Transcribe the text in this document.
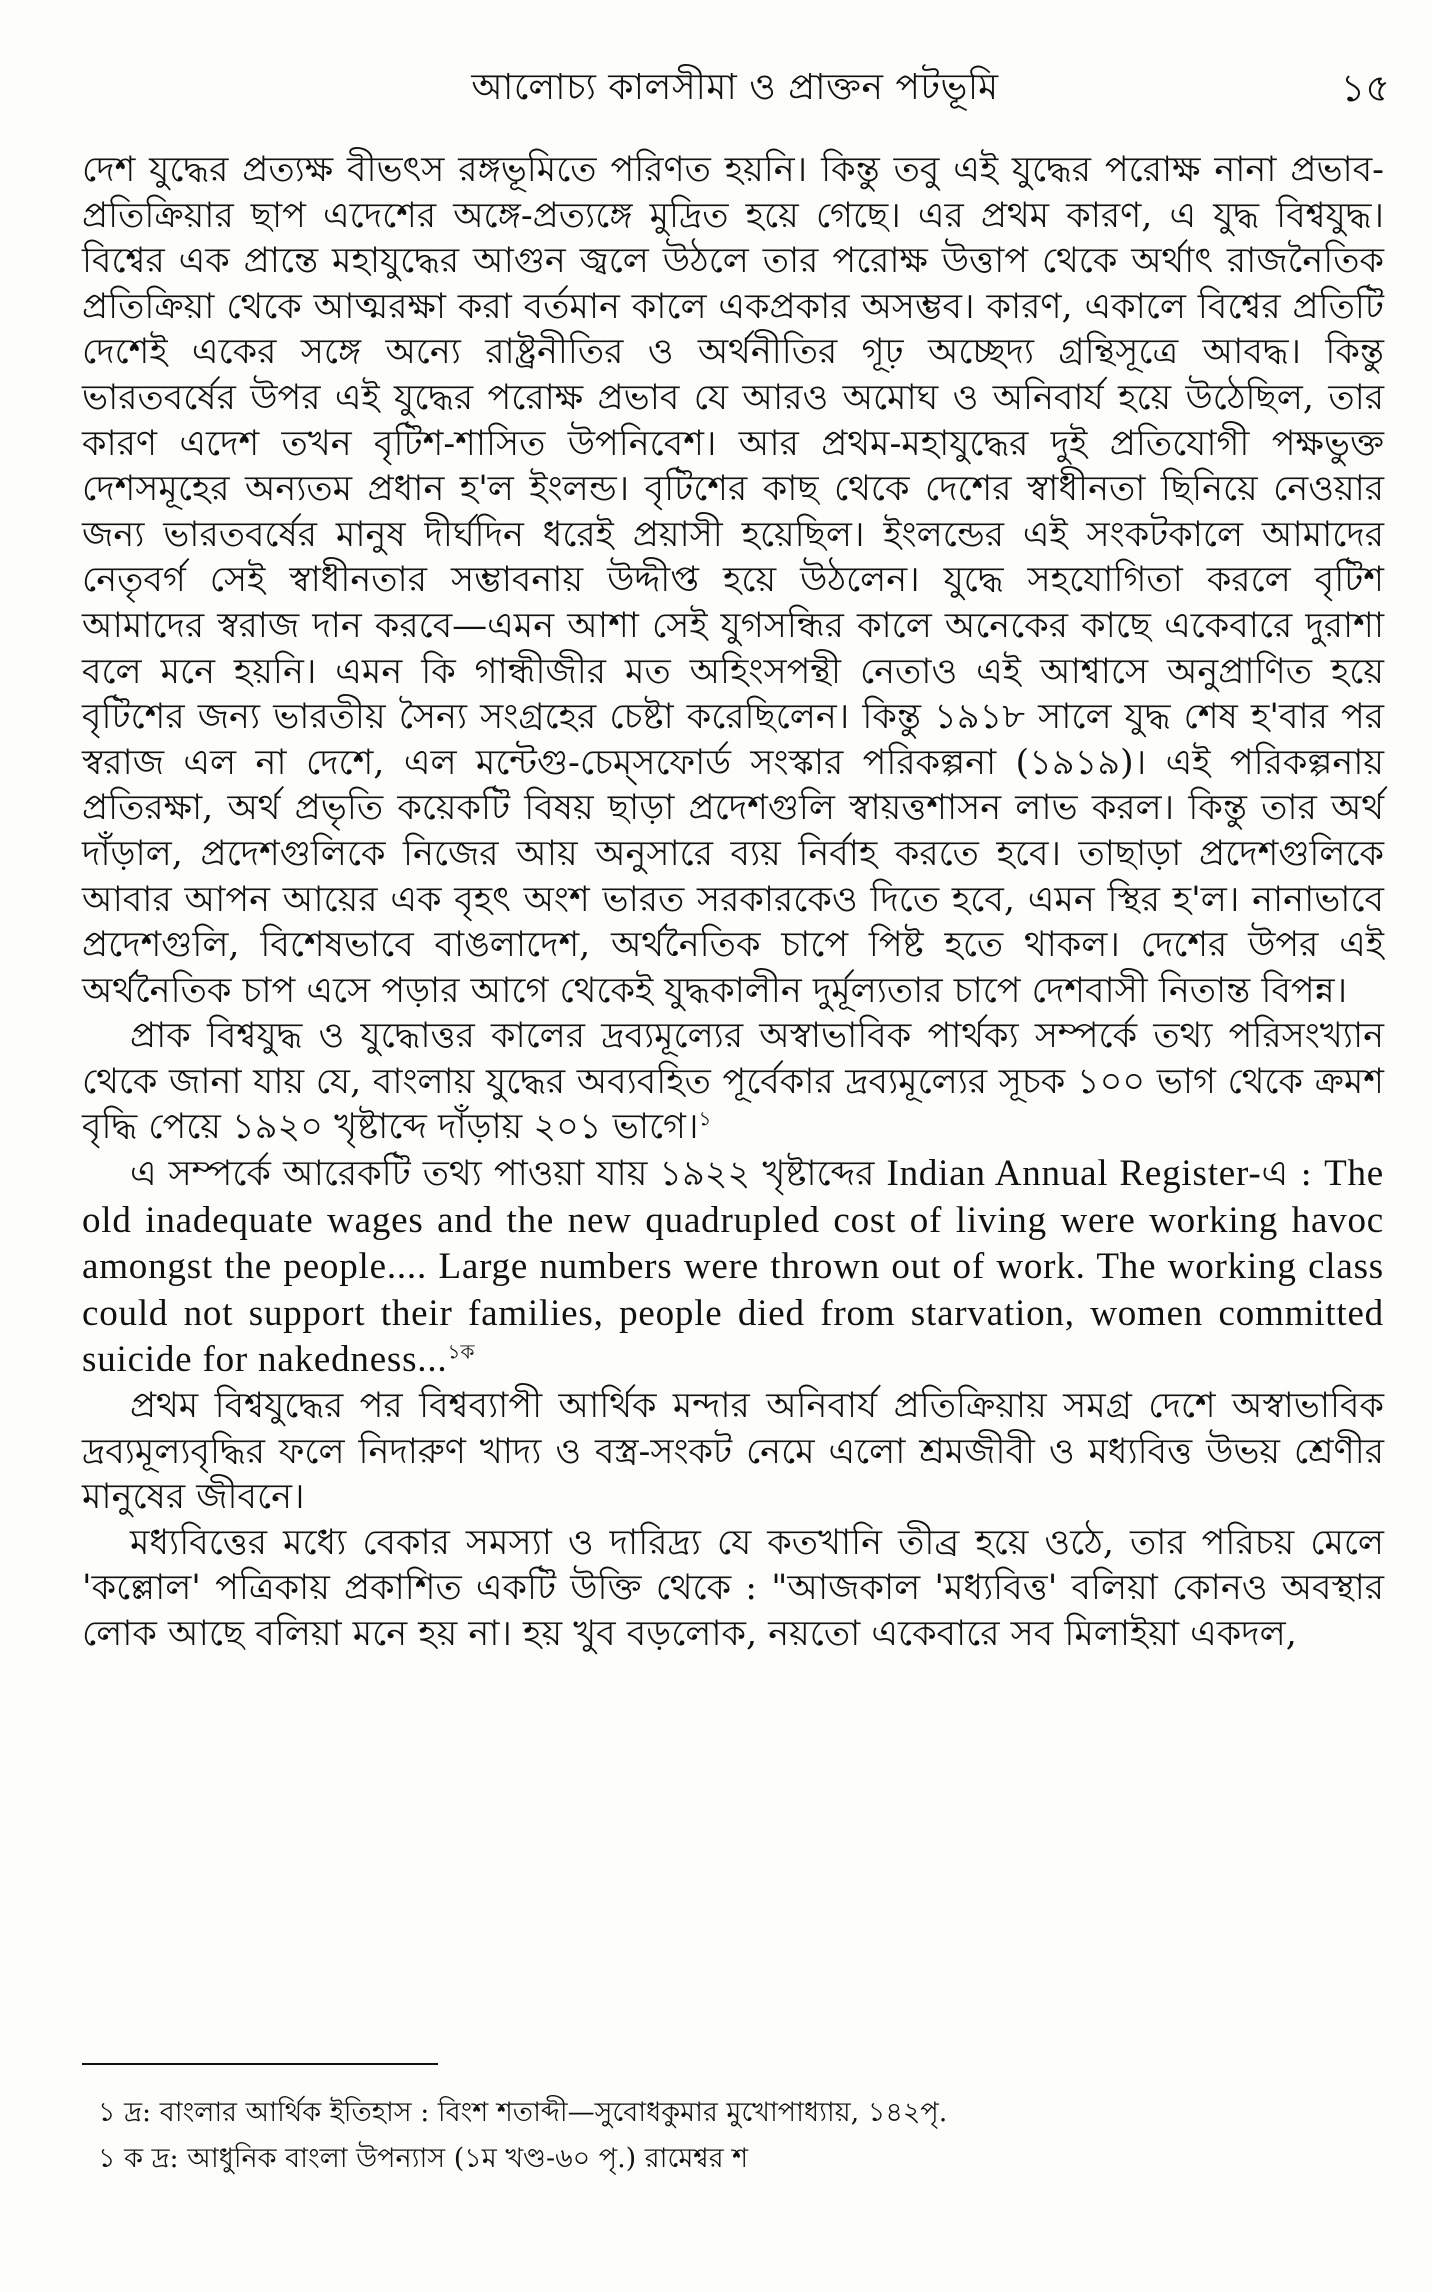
আলোচ্য কালসীমা ও প্রাক্তন পটভূমি	১৫

দেশ যুদ্ধের প্রত্যক্ষ বীভৎস রঙ্গভূমিতে পরিণত হয়নি। কিন্তু তবু এই যুদ্ধের পরোক্ষ নানা প্রভাব-প্রতিক্রিয়ার ছাপ এদেশের অঙ্গে-প্রত্যঙ্গে মুদ্রিত হয়ে গেছে। এর প্রথম কারণ, এ যুদ্ধ বিশ্বযুদ্ধ। বিশ্বের এক প্রান্তে মহাযুদ্ধের আগুন জ্বলে উঠলে তার পরোক্ষ উত্তাপ থেকে অর্থাৎ রাজনৈতিক প্রতিক্রিয়া থেকে আত্মরক্ষা করা বর্তমান কালে একপ্রকার অসম্ভব। কারণ, একালে বিশ্বের প্রতিটি দেশেই একের সঙ্গে অন্যে রাষ্ট্রনীতির ও অর্থনীতির গূঢ় অচ্ছেদ্য গ্রন্থিসূত্রে আবদ্ধ। কিন্তু ভারতবর্ষের উপর এই যুদ্ধের পরোক্ষ প্রভাব যে আরও অমোঘ ও অনিবার্য হয়ে উঠেছিল, তার কারণ এদেশ তখন বৃটিশ-শাসিত উপনিবেশ। আর প্রথম-মহাযুদ্ধের দুই প্রতিযোগী পক্ষভুক্ত দেশসমূহের অন্যতম প্রধান হ'ল ইংলন্ড। বৃটিশের কাছ থেকে দেশের স্বাধীনতা ছিনিয়ে নেওয়ার জন্য ভারতবর্ষের মানুষ দীর্ঘদিন ধরেই প্রয়াসী হয়েছিল। ইংলন্ডের এই সংকটকালে আমাদের নেতৃবর্গ সেই স্বাধীনতার সম্ভাবনায় উদ্দীপ্ত হয়ে উঠলেন। যুদ্ধে সহযোগিতা করলে বৃটিশ আমাদের স্বরাজ দান করবে—এমন আশা সেই যুগসন্ধির কালে অনেকের কাছে একেবারে দুরাশা বলে মনে হয়নি। এমন কি গান্ধীজীর মত অহিংসপন্থী নেতাও এই আশ্বাসে অনুপ্রাণিত হয়ে বৃটিশের জন্য ভারতীয় সৈন্য সংগ্রহের চেষ্টা করেছিলেন। কিন্তু ১৯১৮ সালে যুদ্ধ শেষ হ'বার পর স্বরাজ এল না দেশে, এল মন্টেগু-চেম্‌সফোর্ড সংস্কার পরিকল্পনা (১৯১৯)। এই পরিকল্পনায় প্রতিরক্ষা, অর্থ প্রভৃতি কয়েকটি বিষয় ছাড়া প্রদেশগুলি স্বায়ত্তশাসন লাভ করল। কিন্তু তার অর্থ দাঁড়াল, প্রদেশগুলিকে নিজের আয় অনুসারে ব্যয় নির্বাহ করতে হবে। তাছাড়া প্রদেশগুলিকে আবার আপন আয়ের এক বৃহৎ অংশ ভারত সরকারকেও দিতে হবে, এমন স্থির হ'ল। নানাভাবে প্রদেশগুলি, বিশেষভাবে বাঙলাদেশ, অর্থনৈতিক চাপে পিষ্ট হতে থাকল। দেশের উপর এই অর্থনৈতিক চাপ এসে পড়ার আগে থেকেই যুদ্ধকালীন দুর্মূল্যতার চাপে দেশবাসী নিতান্ত বিপন্ন।

প্রাক বিশ্বযুদ্ধ ও যুদ্ধোত্তর কালের দ্রব্যমূল্যের অস্বাভাবিক পার্থক্য সম্পর্কে তথ্য পরিসংখ্যান থেকে জানা যায় যে, বাংলায় যুদ্ধের অব্যবহিত পূর্বেকার দ্রব্যমূল্যের সূচক ১০০ ভাগ থেকে ক্রমশ বৃদ্ধি পেয়ে ১৯২০ খৃষ্টাব্দে দাঁড়ায় ২০১ ভাগে।$^১$

এ সম্পর্কে আরেকটি তথ্য পাওয়া যায় ১৯২২ খৃষ্টাব্দের Indian Annual Register-এ : The old inadequate wages and the new quadrupled cost of living were working havoc amongst the people.... Large numbers were thrown out of work. The working class could not support their families, people died from starvation, women committed suicide for nakedness...$^{১ক}$

প্রথম বিশ্বযুদ্ধের পর বিশ্বব্যাপী আর্থিক মন্দার অনিবার্য প্রতিক্রিয়ায় সমগ্র দেশে অস্বাভাবিক দ্রব্যমূল্যবৃদ্ধির ফলে নিদারুণ খাদ্য ও বস্ত্র-সংকট নেমে এলো শ্রমজীবী ও মধ্যবিত্ত উভয় শ্রেণীর মানুষের জীবনে।

মধ্যবিত্তের মধ্যে বেকার সমস্যা ও দারিদ্র্য যে কতখানি তীব্র হয়ে ওঠে, তার পরিচয় মেলে 'কল্লোল' পত্রিকায় প্রকাশিত একটি উক্তি থেকে : "আজকাল 'মধ্যবিত্ত' বলিয়া কোনও অবস্থার লোক আছে বলিয়া মনে হয় না। হয় খুব বড়লোক, নয়তো একেবারে সব মিলাইয়া একদল,

১ দ্র: বাংলার আর্থিক ইতিহাস : বিংশ শতাব্দী—সুবোধকুমার মুখোপাধ্যায়, ১৪২পৃ.

১ ক দ্র: আধুনিক বাংলা উপন্যাস (১ম খণ্ড-৬০ পৃ.) রামেশ্বর শ
